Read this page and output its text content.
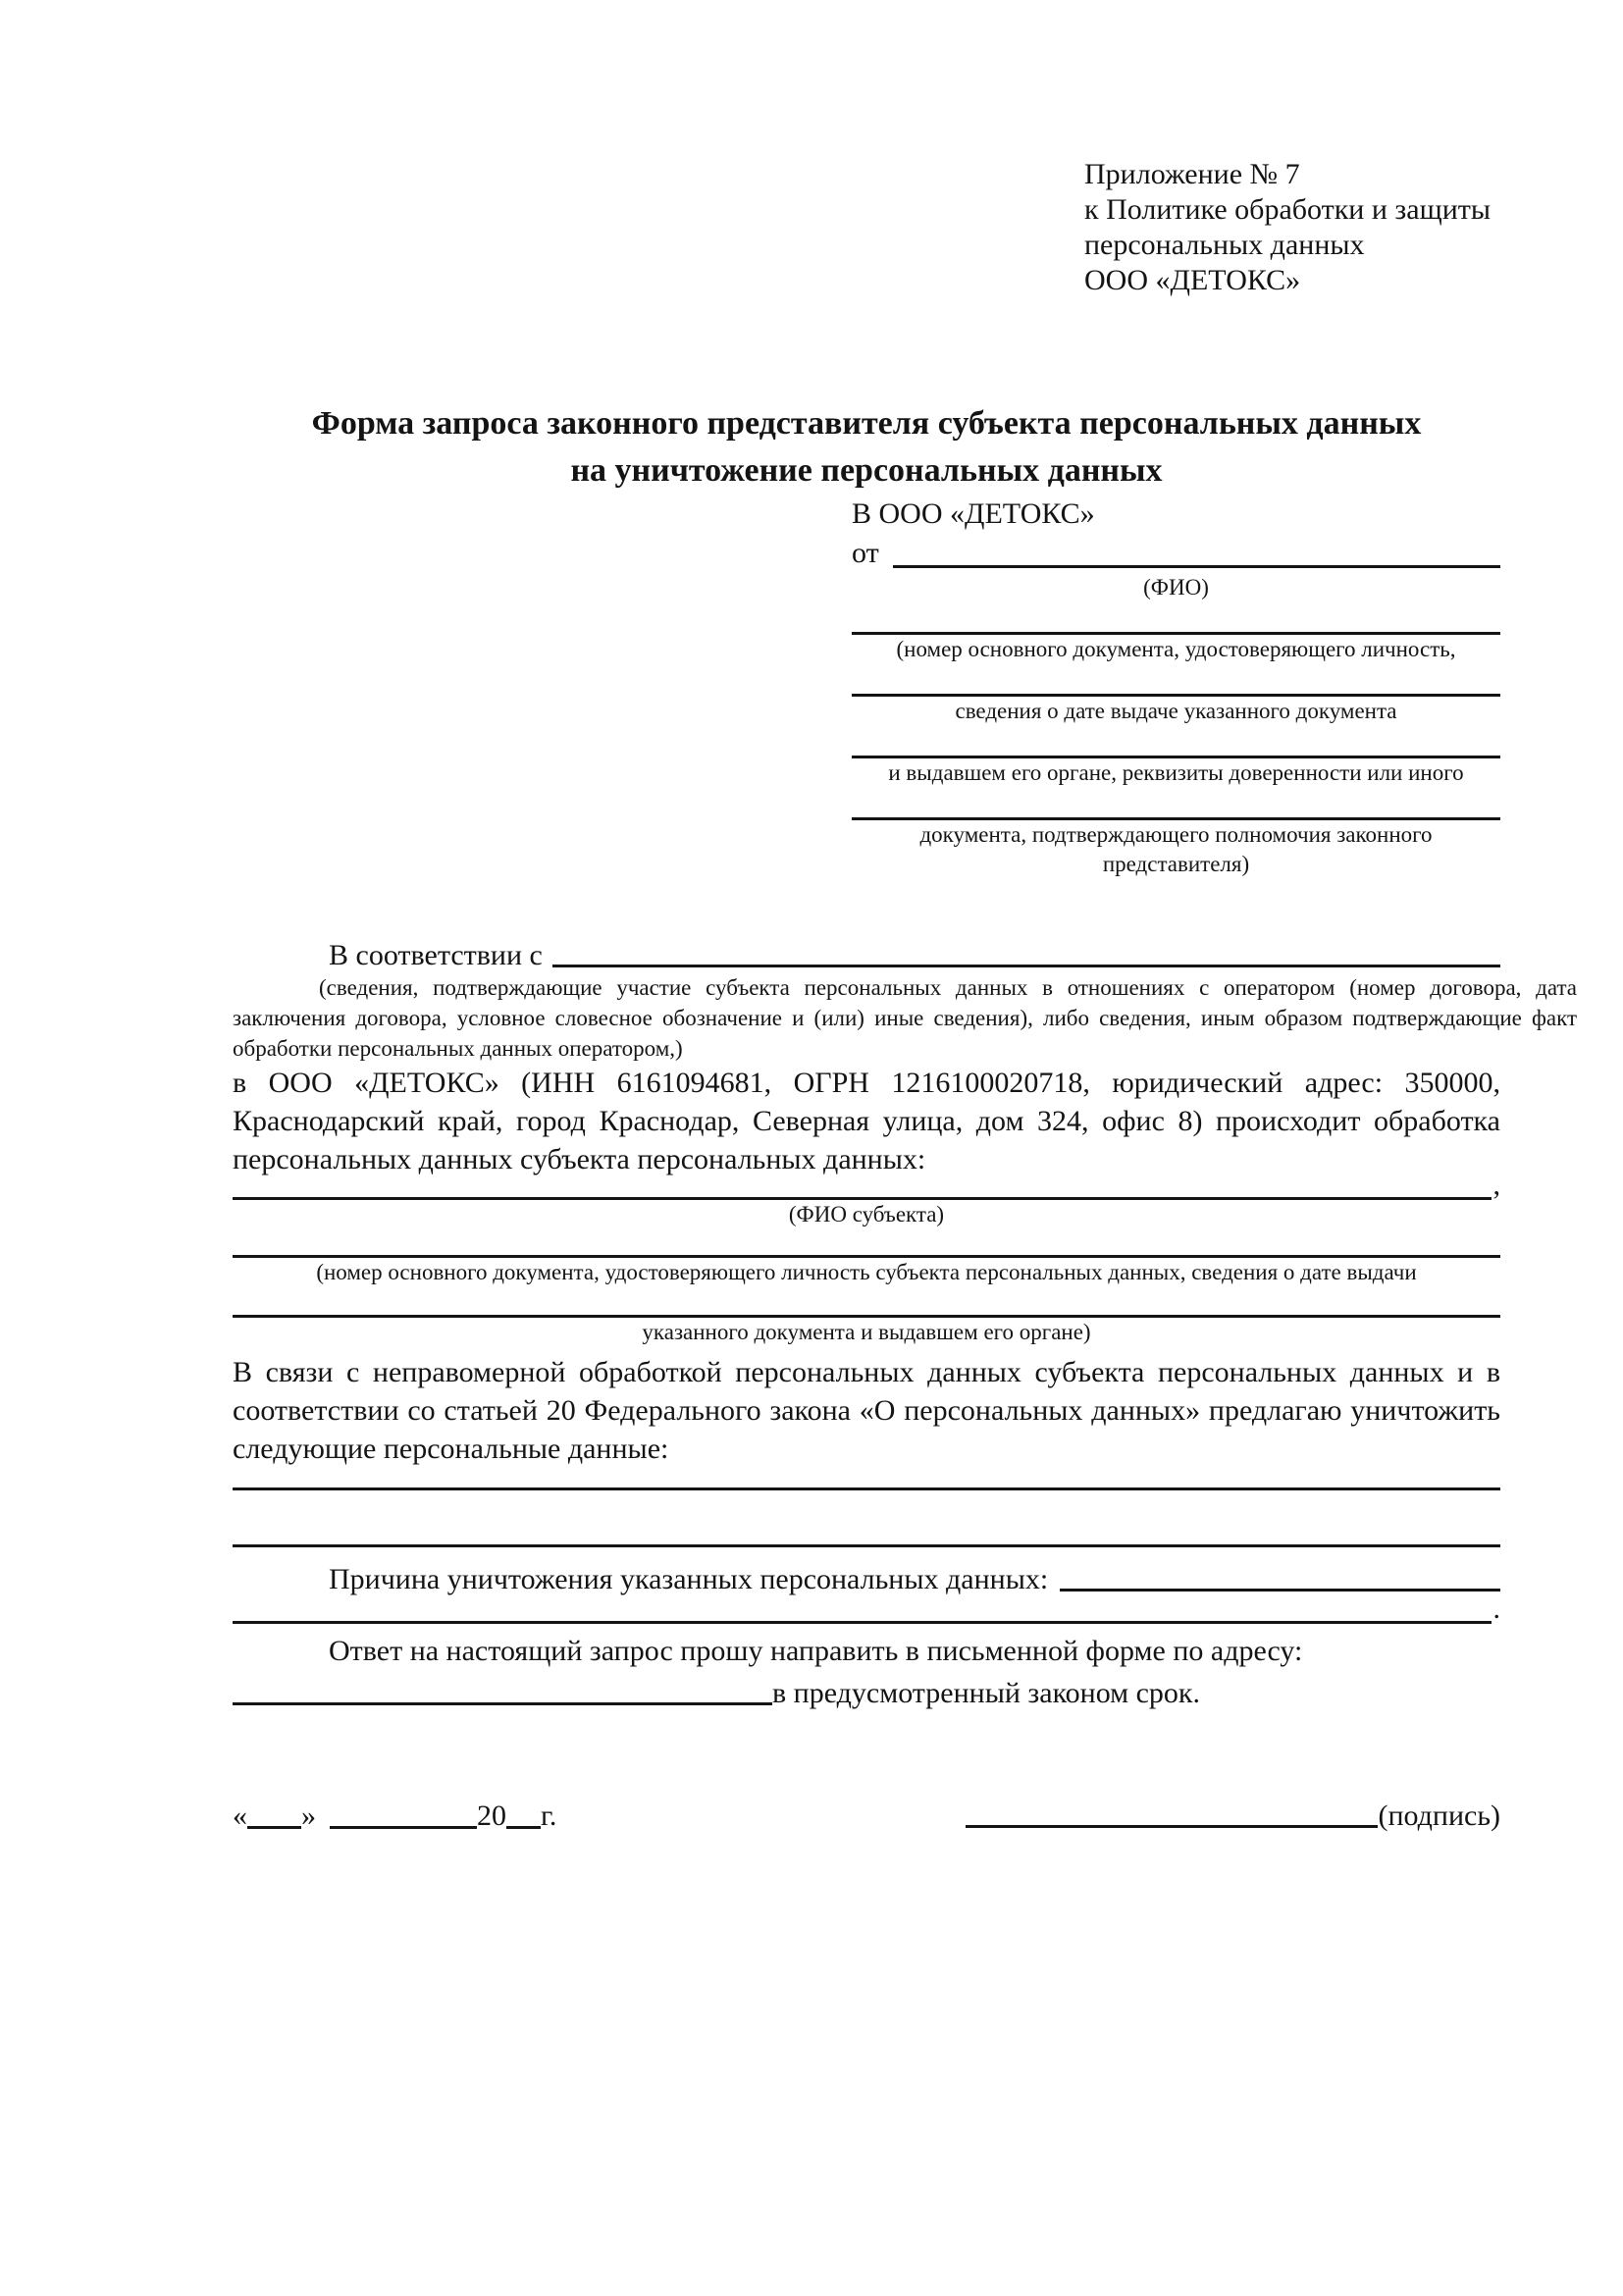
Приложение № 7
к Политике обработки и защиты
персональных данных
ООО «ДЕТОКС»
Форма запроса законного представителя субъекта персональных данных
на уничтожение персональных данных
В ООО «ДЕТОКС»
от
(ФИО)
(номер основного документа, удостоверяющего личность,
сведения о дате выдаче указанного документа
и выдавшем его органе, реквизиты доверенности или иного
документа, подтверждающего полномочия законного представителя)
В соответствии с
(сведения, подтверждающие участие субъекта персональных данных в отношениях с оператором (номер договора, дата заключения договора, условное словесное обозначение и (или) иные сведения), либо сведения, иным образом подтверждающие факт обработки персональных данных оператором,)
в ООО «ДЕТОКС» (ИНН 6161094681, ОГРН 1216100020718, юридический адрес: 350000, Краснодарский край, город Краснодар, Северная улица, дом 324, офис 8) происходит обработка персональных данных субъекта персональных данных:
,
(ФИО субъекта)
(номер основного документа, удостоверяющего личность субъекта персональных данных, сведения о дате выдачи
указанного документа и выдавшем его органе)
В связи с неправомерной обработкой персональных данных субъекта персональных данных и в соответствии со статьей 20 Федерального закона «О персональных данных» предлагаю уничтожить следующие персональные данные:
Причина уничтожения указанных персональных данных:
.
Ответ на настоящий запрос прошу направить в письменной форме по адресу:
в предусмотренный законом срок.
« »	20 г.	(подпись)
